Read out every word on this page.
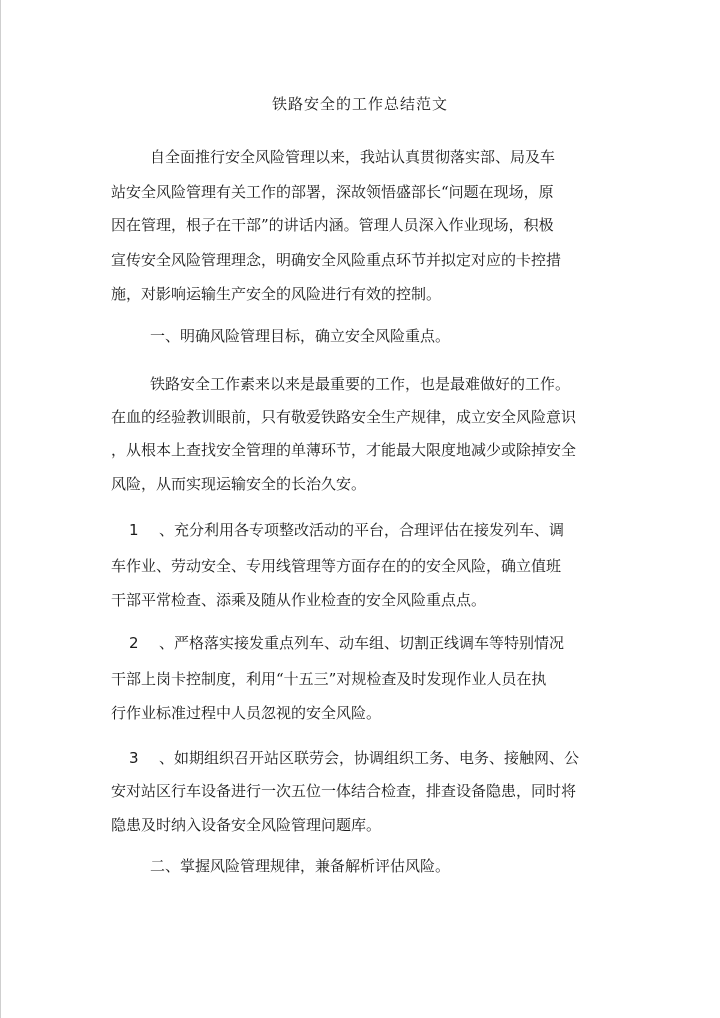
铁路安全的工作总结范文
自全面推行安全风险管理以来，我站认真贯彻落实部、局及车
站安全风险管理有关工作的部署，深故领悟盛部长“问题在现场，原
因在管理，根子在干部”的讲话内涵。管理人员深入作业现场，积极
宣传安全风险管理理念，明确安全风险重点环节并拟定对应的卡控措
施，对影响运输生产安全的风险进行有效的控制。
一、明确风险管理目标，确立安全风险重点。
铁路安全工作素来以来是最重要的工作，也是最难做好的工作。
在血的经验教训眼前，只有敬爱铁路安全生产规律，成立安全风险意识
，从根本上查找安全管理的单薄环节，才能最大限度地减少或除掉安全
风险，从而实现运输安全的长治久安。
1 、充分利用各专项整改活动的平台，合理评估在接发列车、调
车作业、劳动安全、专用线管理等方面存在的的安全风险，确立值班
干部平常检查、添乘及随从作业检查的安全风险重点点。
2 、严格落实接发重点列车、动车组、切割正线调车等特别情况
干部上岗卡控制度，利用“十五三”对规检查及时发现作业人员在执
行作业标准过程中人员忽视的安全风险。
3 、如期组织召开站区联劳会，协调组织工务、电务、接触网、公
安对站区行车设备进行一次五位一体结合检查，排查设备隐患，同时将
隐患及时纳入设备安全风险管理问题库。
二、掌握风险管理规律，兼备解析评估风险。
